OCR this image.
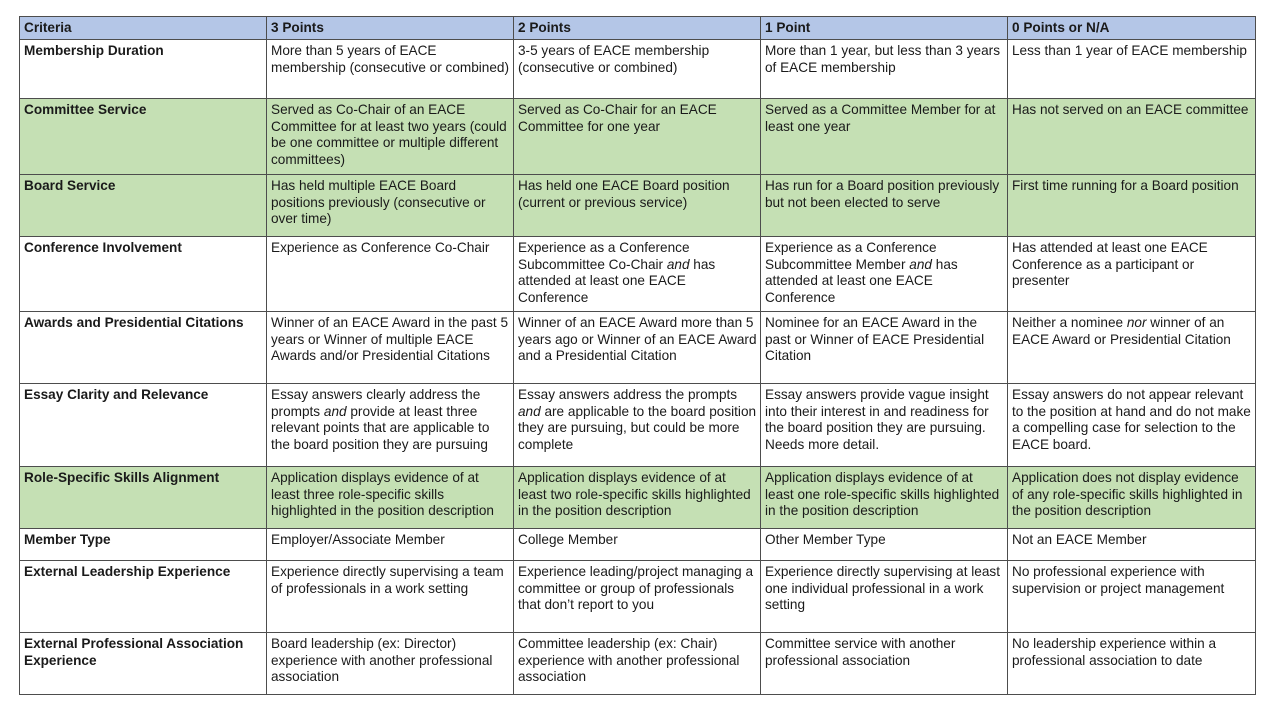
Criteria	3 Points	2 Points	1 Point	0 Points or N/A
Membership Duration	More than 5 years of EACE membership (consecutive or combined)	3-5 years of EACE membership (consecutive or combined)	More than 1 year, but less than 3 years of EACE membership	Less than 1 year of EACE membership
Committee Service	Served as Co-Chair of an EACE Committee for at least two years (could be one committee or multiple different committees)	Served as Co-Chair for an EACE Committee for one year	Served as a Committee Member for at least one year	Has not served on an EACE committee
Board Service	Has held multiple EACE Board positions previously (consecutive or over time)	Has held one EACE Board position (current or previous service)	Has run for a Board position previously but not been elected to serve	First time running for a Board position
Conference Involvement	Experience as Conference Co-Chair	Experience as a Conference Subcommittee Co-Chair and has attended at least one EACE Conference	Experience as a Conference Subcommittee Member and has attended at least one EACE Conference	Has attended at least one EACE Conference as a participant or presenter
Awards and Presidential Citations	Winner of an EACE Award in the past 5 years or Winner of multiple EACE Awards and/or Presidential Citations	Winner of an EACE Award more than 5 years ago or Winner of an EACE Award and a Presidential Citation	Nominee for an EACE Award in the past or Winner of EACE Presidential Citation	Neither a nominee nor winner of an EACE Award or Presidential Citation
Essay Clarity and Relevance	Essay answers clearly address the prompts and provide at least three relevant points that are applicable to the board position they are pursuing	Essay answers address the prompts and are applicable to the board position they are pursuing, but could be more complete	Essay answers provide vague insight into their interest in and readiness for the board position they are pursuing. Needs more detail.	Essay answers do not appear relevant to the position at hand and do not make a compelling case for selection to the EACE board.
Role-Specific Skills Alignment	Application displays evidence of at least three role-specific skills highlighted in the position description	Application displays evidence of at least two role-specific skills highlighted in the position description	Application displays evidence of at least one role-specific skills highlighted in the position description	Application does not display evidence of any role-specific skills highlighted in the position description
Member Type	Employer/Associate Member	College Member	Other Member Type	Not an EACE Member
External Leadership Experience	Experience directly supervising a team of professionals in a work setting	Experience leading/project managing a committee or group of professionals that don’t report to you	Experience directly supervising at least one individual professional in a work setting	No professional experience with supervision or project management
External Professional Association Experience	Board leadership (ex: Director) experience with another professional association	Committee leadership (ex: Chair) experience with another professional association	Committee service with another professional association	No leadership experience within a professional association to date
